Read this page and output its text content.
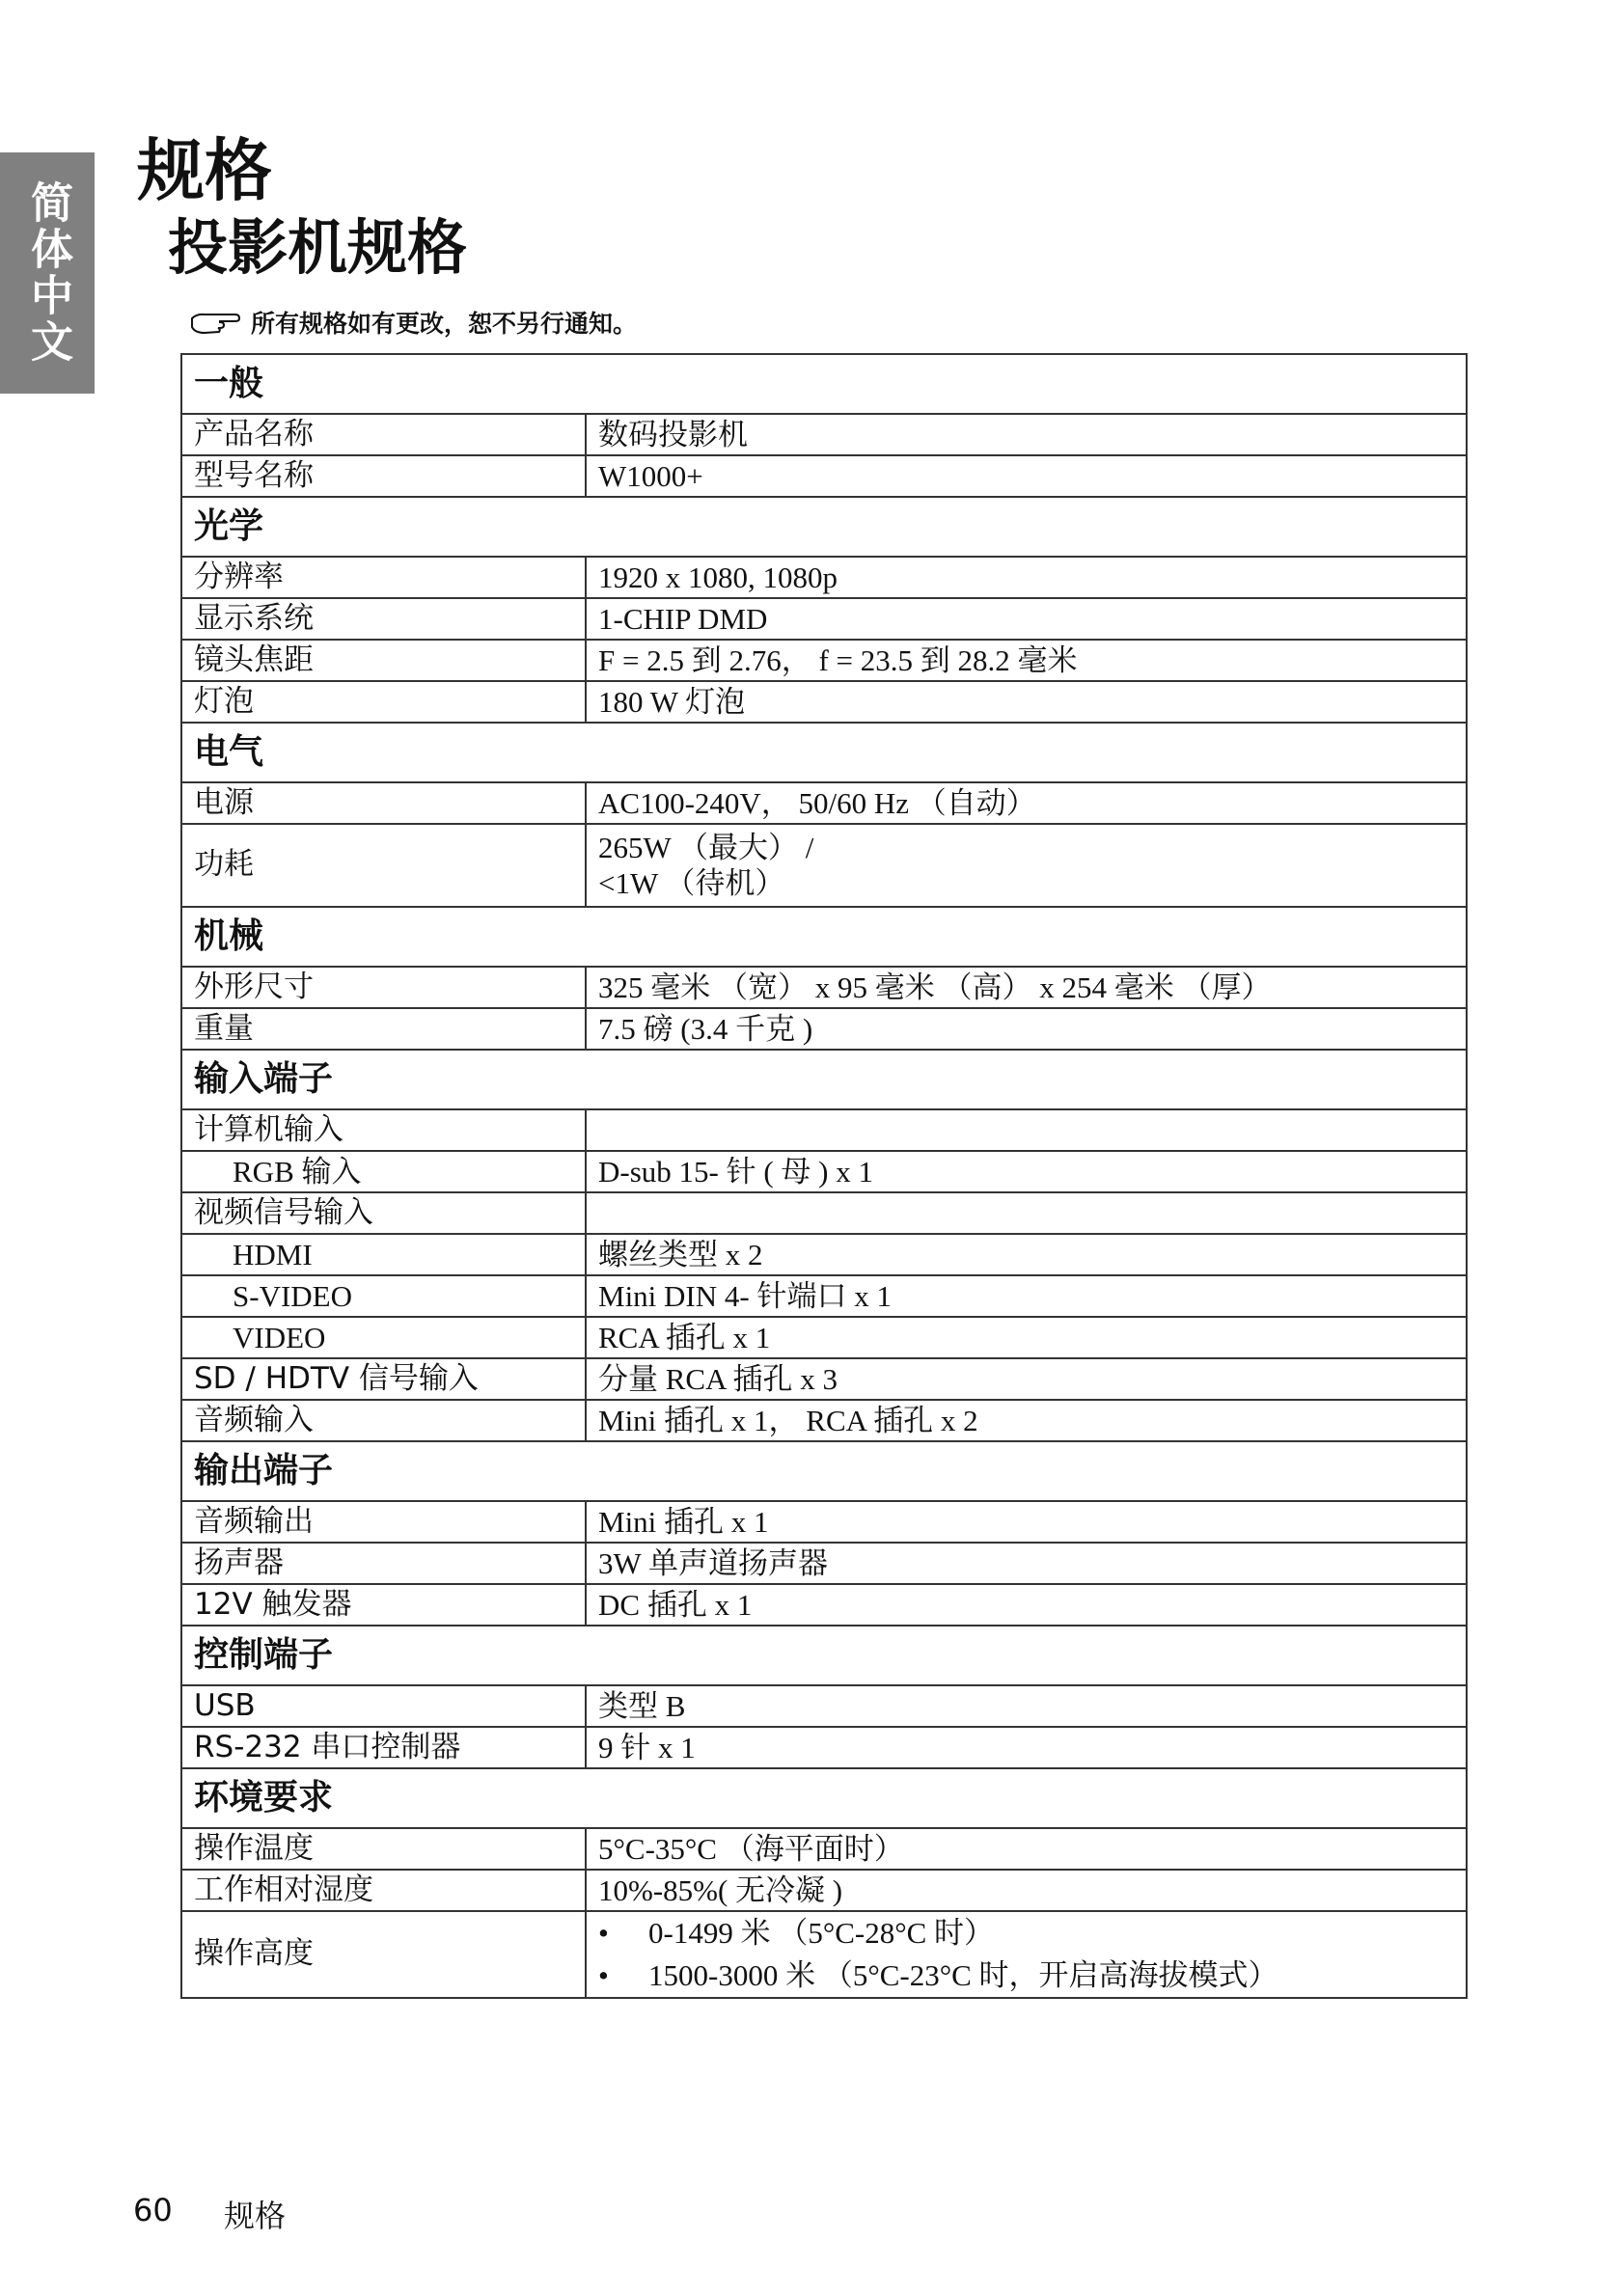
简体中文
规格
投影机规格
所有规格如有更改，恕不另行通知。
一般	
产品名称	数码投影机
型号名称	W1000+
光学	
分辨率	1920 x 1080, 1080p
显示系统	1-CHIP DMD
镜头焦距	F = 2.5 到 2.76， f = 23.5 到 28.2 毫米
灯泡	180 W 灯泡
电气	
电源	AC100-240V， 50/60 Hz （自动）
功耗	265W （最大） /
<1W （待机）

机械	
外形尺寸	325 毫米 （宽） x 95 毫米 （高） x 254 毫米 （厚）
重量	7.5 磅 (3.4 千克 )
输入端子	
计算机输入	
RGB 输入	D-sub 15- 针 ( 母 ) x 1
视频信号输入	
HDMI	螺丝类型 x 2
S-VIDEO	Mini DIN 4- 针端口 x 1
VIDEO	RCA 插孔 x 1
SD / HDTV 信号输入	分量 RCA 插孔 x 3
音频输入	Mini 插孔 x 1， RCA 插孔 x 2
输出端子	
音频输出	Mini 插孔 x 1
扬声器	3W 单声道扬声器
12V 触发器	DC 插孔 x 1
控制端子	
USB	类型 B
RS-232 串口控制器	9 针 x 1
环境要求	
操作温度	5°C-35°C （海平面时）
工作相对湿度	10%-85%( 无冷凝 )
操作高度	• 0-1499 米 （5°C-28°C 时）
• 1500-3000 米 （5°C-23°C 时，开启高海拔模式）
60 规格
